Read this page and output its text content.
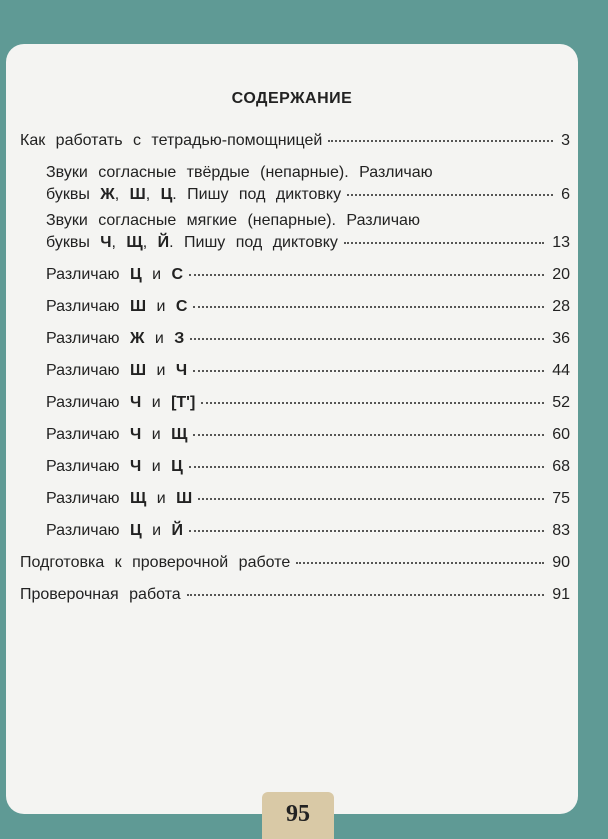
СОДЕРЖАНИЕ
Как работать с тетрадью-помощницей	3
Звуки согласные твёрдые (непарные). Различаю
буквы Ж, Ш, Ц. Пишу под диктовку	6
Звуки согласные мягкие (непарные). Различаю
буквы Ч, Щ, Й. Пишу под диктовку	13
Различаю Ц и С	20
Различаю Ш и С	28
Различаю Ж и З	36
Различаю Ш и Ч	44
Различаю Ч и [Т']	52
Различаю Ч и Щ	60
Различаю Ч и Ц	68
Различаю Щ и Ш	75
Различаю Ц и Й	83
Подготовка к проверочной работе	90
Проверочная работа	91
95
